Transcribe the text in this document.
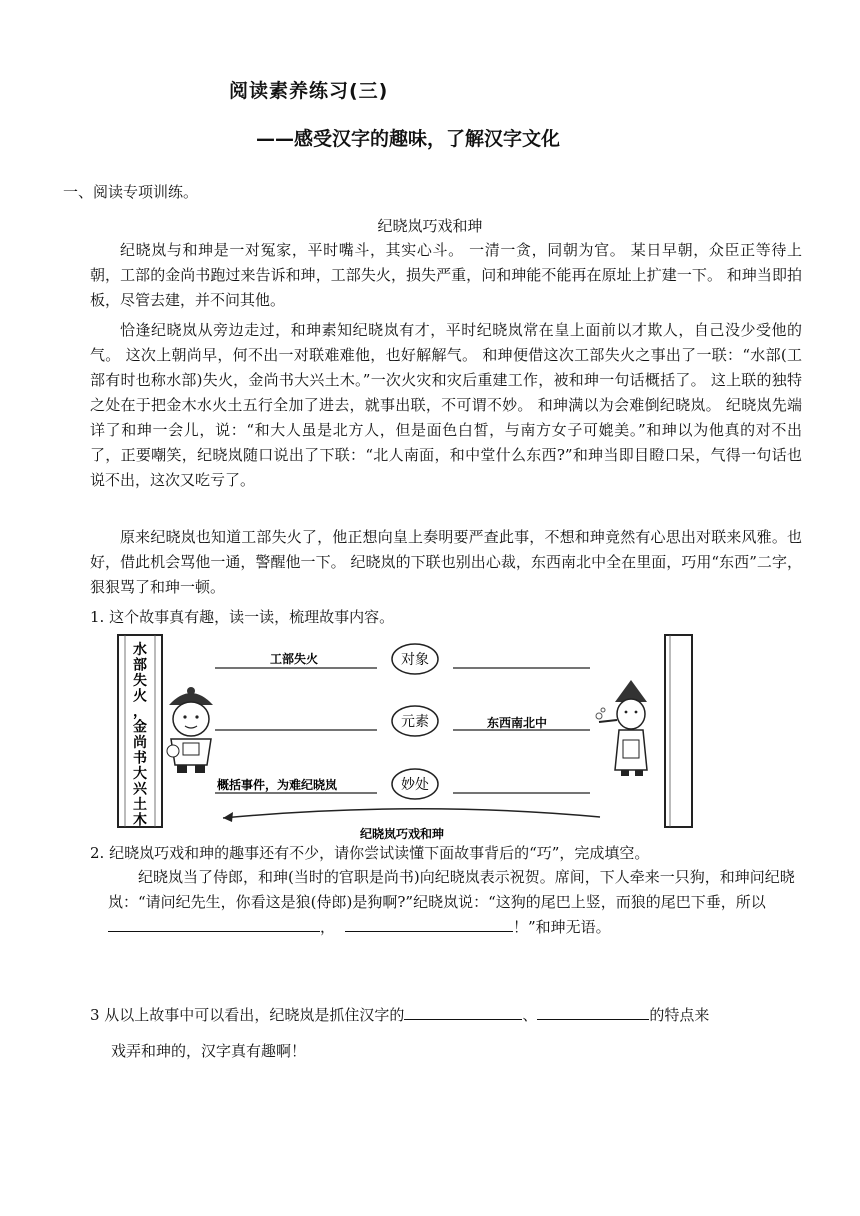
阅读素养练习(三)
——感受汉字的趣味，了解汉字文化
一、阅读专项训练。
纪晓岚巧戏和珅

纪晓岚与和珅是一对冤家，平时嘴斗，其实心斗。 一清一贪，同朝为官。 某日早朝，众臣正等待上朝，工部的金尚书跑过来告诉和珅，工部失火，损失严重，问和珅能不能再在原址上扩建一下。 和珅当即拍板，尽管去建，并不问其他。

恰逢纪晓岚从旁边走过，和珅素知纪晓岚有才，平时纪晓岚常在皇上面前以才欺人，自己没少受他的气。 这次上朝尚早，何不出一对联难难他，也好解解气。 和珅便借这次工部失火之事出了一联：“水部(工部有时也称水部)失火，金尚书大兴土木。”一次火灾和灾后重建工作，被和珅一句话概括了。 这上联的独特之处在于把金木水火土五行全加了进去，就事出联，不可谓不妙。 和珅满以为会难倒纪晓岚。 纪晓岚先端详了和珅一会儿，说：“和大人虽是北方人，但是面色白皙，与南方女子可媲美。”和珅以为他真的对不出了，正要嘲笑，纪晓岚随口说出了下联：“北人南面，和中堂什么东西?”和珅当即目瞪口呆，气得一句话也说不出，这次又吃亏了。

原来纪晓岚也知道工部失火了，他正想向皇上奏明要严查此事，不想和珅竟然有心思出对联来风雅。也好，借此机会骂他一通，警醒他一下。 纪晓岚的下联也别出心裁，东西南北中全在里面，巧用“东西”二字，狠狠骂了和珅一顿。

1. 这个故事真有趣，读一读，梳理故事内容。
水部失火，金尚书大兴土木
对象
元素
妙处
工部失火
东西南北中
概括事件，为难纪晓岚
纪晓岚巧戏和珅
2. 纪晓岚巧戏和珅的趣事还有不少，请你尝试读懂下面故事背后的“巧”，完成填空。

纪晓岚当了侍郎，和珅(当时的官职是尚书)向纪晓岚表示祝贺。席间，下人牵来一只狗，和珅问纪晓岚：“请问纪先生，你看这是狼(侍郎)是狗啊?”纪晓岚说：“这狗的尾巴上竖，而狼的尾巴下垂，所以，	！”和珅无语。

3 从以上故事中可以看出，纪晓岚是抓住汉字的	、	的特点来
戏弄和珅的，汉字真有趣啊！
